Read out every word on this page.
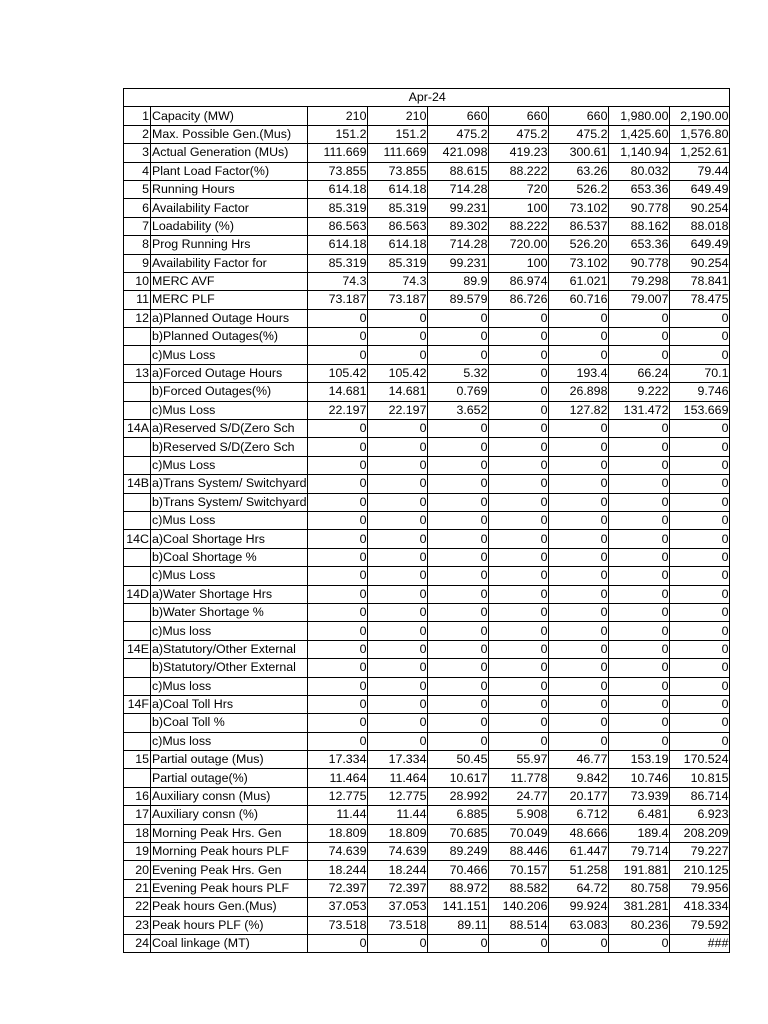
Apr-24								
1	Capacity (MW)	210	210	660	660	660	1,980.00	2,190.00
2	Max. Possible Gen.(Mus)	151.2	151.2	475.2	475.2	475.2	1,425.60	1,576.80
3	Actual Generation (MUs)	111.669	111.669	421.098	419.23	300.61	1,140.94	1,252.61
4	Plant Load Factor(%)	73.855	73.855	88.615	88.222	63.26	80.032	79.44
5	Running Hours	614.18	614.18	714.28	720	526.2	653.36	649.49
6	Availability Factor	85.319	85.319	99.231	100	73.102	90.778	90.254
7	Loadability (%)	86.563	86.563	89.302	88.222	86.537	88.162	88.018
8	Prog Running Hrs	614.18	614.18	714.28	720.00	526.20	653.36	649.49
9	Availability Factor for	85.319	85.319	99.231	100	73.102	90.778	90.254
10	MERC AVF	74.3	74.3	89.9	86.974	61.021	79.298	78.841
11	MERC PLF	73.187	73.187	89.579	86.726	60.716	79.007	78.475
12	a)Planned Outage Hours	0	0	0	0	0	0	0
	b)Planned Outages(%)	0	0	0	0	0	0	0
	c)Mus Loss	0	0	0	0	0	0	0
13	a)Forced Outage Hours	105.42	105.42	5.32	0	193.4	66.24	70.1
	b)Forced Outages(%)	14.681	14.681	0.769	0	26.898	9.222	9.746
	c)Mus Loss	22.197	22.197	3.652	0	127.82	131.472	153.669
14A	a)Reserved S/D(Zero Sch	0	0	0	0	0	0	0
	b)Reserved S/D(Zero Sch	0	0	0	0	0	0	0
	c)Mus Loss	0	0	0	0	0	0	0
14B	a)Trans System/ Switchyard	0	0	0	0	0	0	0
	b)Trans System/ Switchyard	0	0	0	0	0	0	0
	c)Mus Loss	0	0	0	0	0	0	0
14C	a)Coal Shortage Hrs	0	0	0	0	0	0	0
	b)Coal Shortage %	0	0	0	0	0	0	0
	c)Mus Loss	0	0	0	0	0	0	0
14D	a)Water Shortage Hrs	0	0	0	0	0	0	0
	b)Water Shortage %	0	0	0	0	0	0	0
	c)Mus loss	0	0	0	0	0	0	0
14E	a)Statutory/Other External	0	0	0	0	0	0	0
	b)Statutory/Other External	0	0	0	0	0	0	0
	c)Mus loss	0	0	0	0	0	0	0
14F	a)Coal Toll Hrs	0	0	0	0	0	0	0
	b)Coal Toll %	0	0	0	0	0	0	0
	c)Mus loss	0	0	0	0	0	0	0
15	Partial outage (Mus)	17.334	17.334	50.45	55.97	46.77	153.19	170.524
	Partial outage(%)	11.464	11.464	10.617	11.778	9.842	10.746	10.815
16	Auxiliary consn (Mus)	12.775	12.775	28.992	24.77	20.177	73.939	86.714
17	Auxiliary consn (%)	11.44	11.44	6.885	5.908	6.712	6.481	6.923
18	Morning Peak Hrs. Gen	18.809	18.809	70.685	70.049	48.666	189.4	208.209
19	Morning Peak hours PLF	74.639	74.639	89.249	88.446	61.447	79.714	79.227
20	Evening Peak Hrs. Gen	18.244	18.244	70.466	70.157	51.258	191.881	210.125
21	Evening Peak hours PLF	72.397	72.397	88.972	88.582	64.72	80.758	79.956
22	Peak hours Gen.(Mus)	37.053	37.053	141.151	140.206	99.924	381.281	418.334
23	Peak hours PLF (%)	73.518	73.518	89.11	88.514	63.083	80.236	79.592
24	Coal linkage (MT)	0	0	0	0	0	0	###
